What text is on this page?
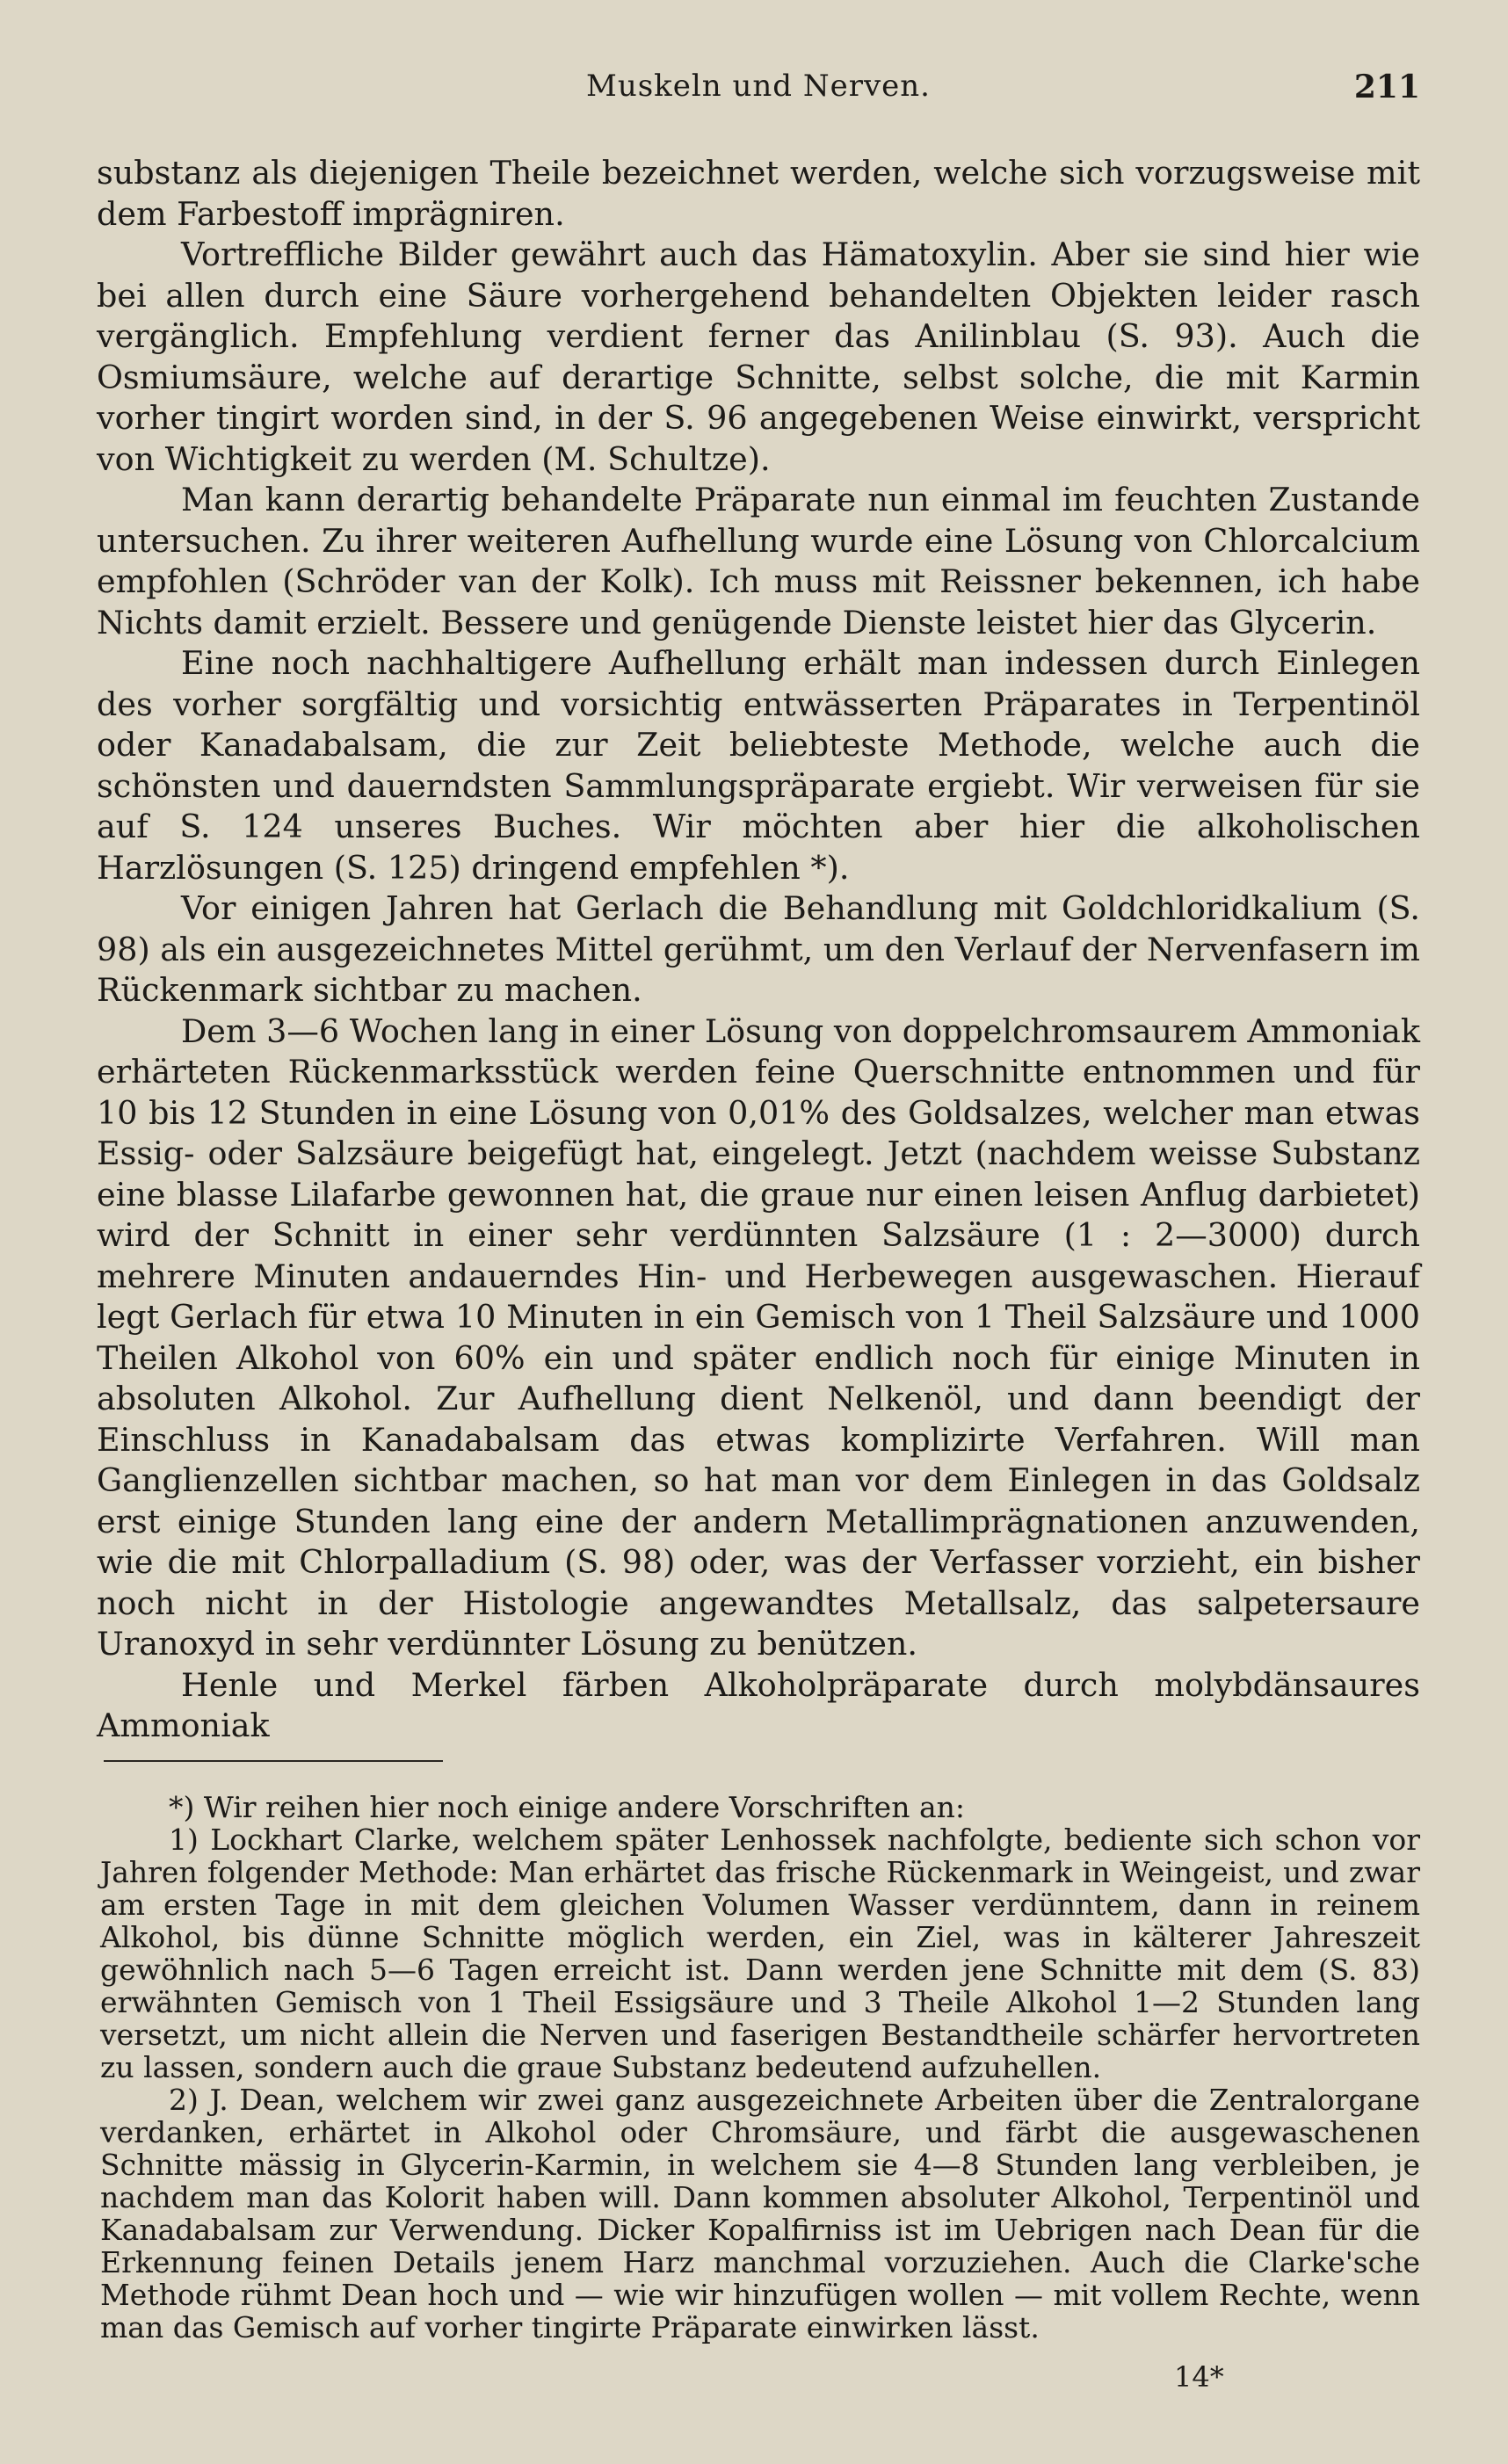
Muskeln und Nerven.	211

substanz als diejenigen Theile bezeichnet werden, welche sich vorzugsweise mit dem Farbestoff imprägniren.

Vortreffliche Bilder gewährt auch das Hämatoxylin. Aber sie sind hier wie bei allen durch eine Säure vorhergehend behandelten Objekten leider rasch vergänglich. Empfehlung verdient ferner das Anilinblau (S. 93). Auch die Osmiumsäure, welche auf derartige Schnitte, selbst solche, die mit Karmin vorher tingirt worden sind, in der S. 96 angegebenen Weise einwirkt, verspricht von Wichtigkeit zu werden (M. Schultze).

Man kann derartig behandelte Präparate nun einmal im feuchten Zustande untersuchen. Zu ihrer weiteren Aufhellung wurde eine Lösung von Chlorcalcium empfohlen (Schröder van der Kolk). Ich muss mit Reissner bekennen, ich habe Nichts damit erzielt. Bessere und genügende Dienste leistet hier das Glycerin.

Eine noch nachhaltigere Aufhellung erhält man indessen durch Einlegen des vorher sorgfältig und vorsichtig entwässerten Präparates in Terpentinöl oder Kanadabalsam, die zur Zeit beliebteste Methode, welche auch die schönsten und dauerndsten Sammlungspräparate ergiebt. Wir verweisen für sie auf S. 124 unseres Buches. Wir möchten aber hier die alkoholischen Harzlösungen (S. 125) dringend empfehlen *).

Vor einigen Jahren hat Gerlach die Behandlung mit Goldchloridkalium (S. 98) als ein ausgezeichnetes Mittel gerühmt, um den Verlauf der Nervenfasern im Rückenmark sichtbar zu machen.

Dem 3—6 Wochen lang in einer Lösung von doppelchromsaurem Ammoniak erhärteten Rückenmarksstück werden feine Querschnitte entnommen und für 10 bis 12 Stunden in eine Lösung von 0,01% des Goldsalzes, welcher man etwas Essig- oder Salzsäure beigefügt hat, eingelegt. Jetzt (nachdem weisse Substanz eine blasse Lilafarbe gewonnen hat, die graue nur einen leisen Anflug darbietet) wird der Schnitt in einer sehr verdünnten Salzsäure (1 : 2—3000) durch mehrere Minuten andauerndes Hin- und Herbewegen ausgewaschen. Hierauf legt Gerlach für etwa 10 Minuten in ein Gemisch von 1 Theil Salzsäure und 1000 Theilen Alkohol von 60% ein und später endlich noch für einige Minuten in absoluten Alkohol. Zur Aufhellung dient Nelkenöl, und dann beendigt der Einschluss in Kanadabalsam das etwas komplizirte Verfahren. Will man Ganglienzellen sichtbar machen, so hat man vor dem Einlegen in das Goldsalz erst einige Stunden lang eine der andern Metallimprägnationen anzuwenden, wie die mit Chlorpalladium (S. 98) oder, was der Verfasser vorzieht, ein bisher noch nicht in der Histologie angewandtes Metallsalz, das salpetersaure Uranoxyd in sehr verdünnter Lösung zu benützen.

Henle und Merkel färben Alkoholpräparate durch molybdänsaures Ammoniak

*) Wir reihen hier noch einige andere Vorschriften an:

1) Lockhart Clarke, welchem später Lenhossek nachfolgte, bediente sich schon vor Jahren folgender Methode: Man erhärtet das frische Rückenmark in Weingeist, und zwar am ersten Tage in mit dem gleichen Volumen Wasser verdünntem, dann in reinem Alkohol, bis dünne Schnitte möglich werden, ein Ziel, was in kälterer Jahreszeit gewöhnlich nach 5—6 Tagen erreicht ist. Dann werden jene Schnitte mit dem (S. 83) erwähnten Gemisch von 1 Theil Essigsäure und 3 Theile Alkohol 1—2 Stunden lang versetzt, um nicht allein die Nerven und faserigen Bestandtheile schärfer hervortreten zu lassen, sondern auch die graue Substanz bedeutend aufzuhellen.

2) J. Dean, welchem wir zwei ganz ausgezeichnete Arbeiten über die Zentralorgane verdanken, erhärtet in Alkohol oder Chromsäure, und färbt die ausgewaschenen Schnitte mässig in Glycerin-Karmin, in welchem sie 4—8 Stunden lang verbleiben, je nachdem man das Kolorit haben will. Dann kommen absoluter Alkohol, Terpentinöl und Kanadabalsam zur Verwendung. Dicker Kopalfirniss ist im Uebrigen nach Dean für die Erkennung feinen Details jenem Harz manchmal vorzuziehen. Auch die Clarke'sche Methode rühmt Dean hoch und — wie wir hinzufügen wollen — mit vollem Rechte, wenn man das Gemisch auf vorher tingirte Präparate einwirken lässt.

14*
